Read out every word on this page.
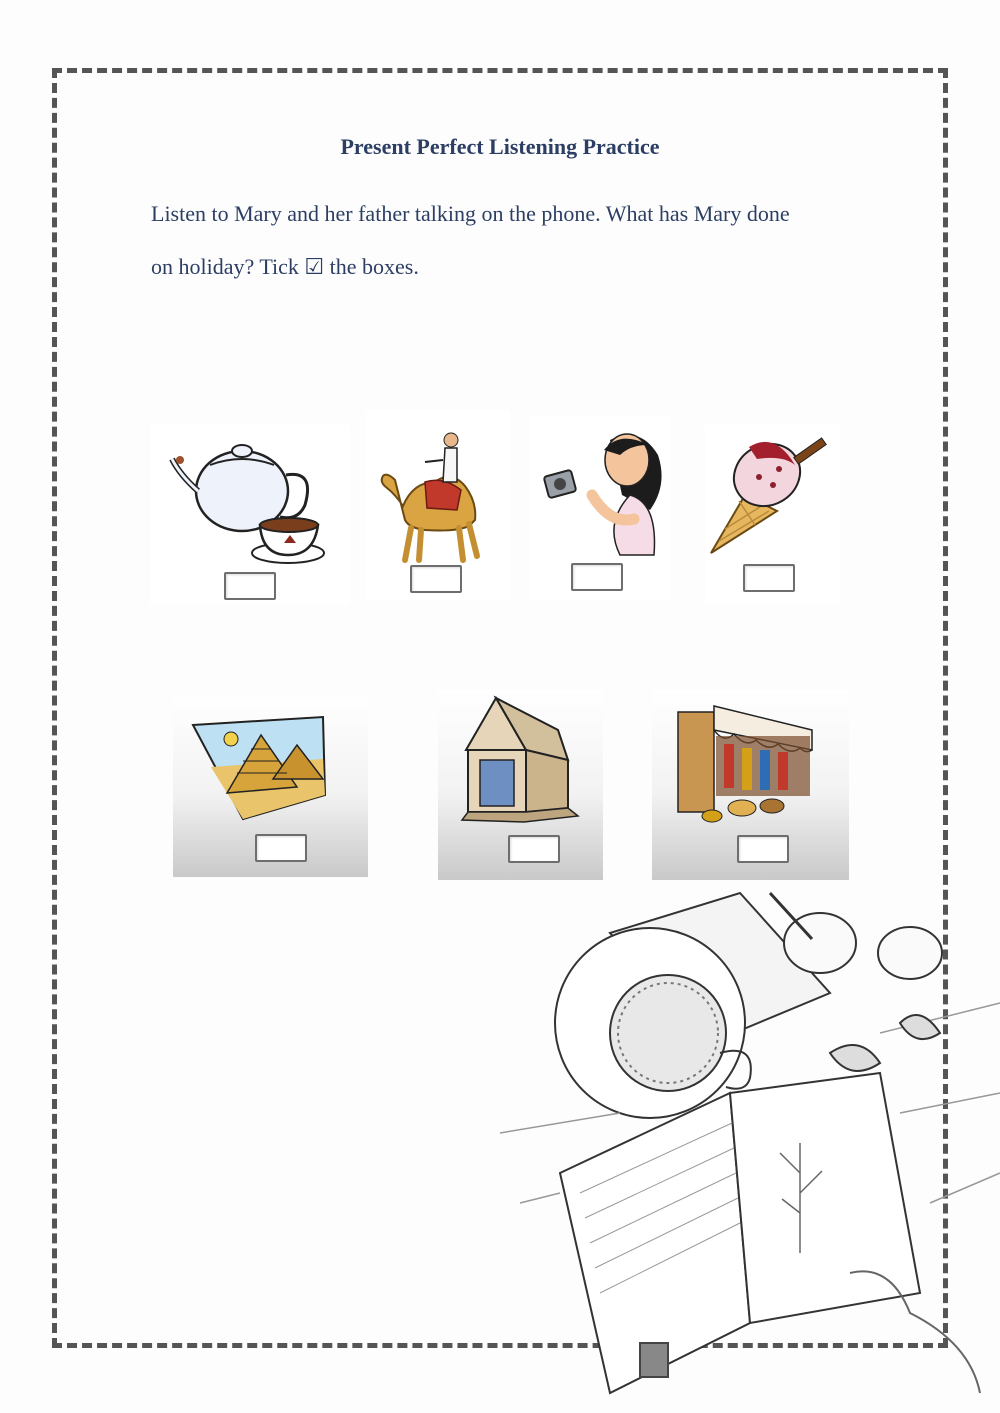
Present Perfect Listening Practice
Listen to Mary and her father talking on the phone. What has Mary done
on holiday? Tick ☑ the boxes.
